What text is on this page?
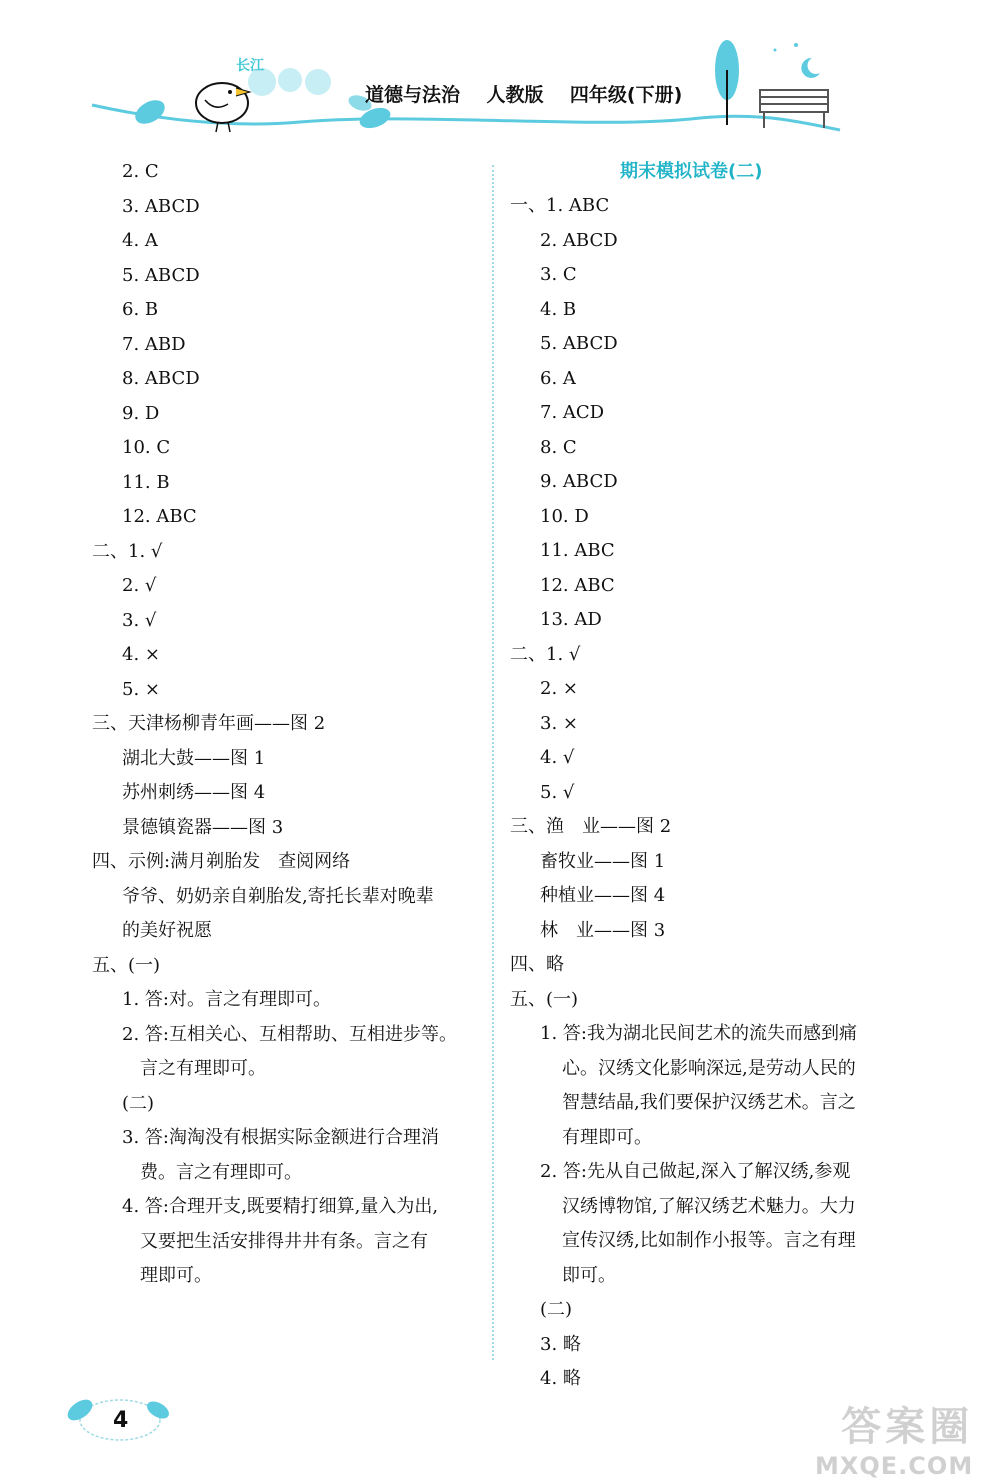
长江
道德与法治    人教版    四年级(下册)
2. C
3. ABCD
4. A
5. ABCD
6. B
7. ABD
8. ABCD
9. D
10. C
11. B
12. ABC
二、1. √
2. √
3. √
4. ×
5. ×
三、天津杨柳青年画——图 2
湖北大鼓——图 1
苏州刺绣——图 4
景德镇瓷器——图 3
四、示例:满月剃胎发　查阅网络
爷爷、奶奶亲自剃胎发,寄托长辈对晚辈
的美好祝愿
五、(一)
1. 答:对。言之有理即可。
2. 答:互相关心、互相帮助、互相进步等。
言之有理即可。
(二)
3. 答:淘淘没有根据实际金额进行合理消
费。言之有理即可。
4. 答:合理开支,既要精打细算,量入为出,
又要把生活安排得井井有条。言之有
理即可。
期末模拟试卷(二)
一、1. ABC
2. ABCD
3. C
4. B
5. ABCD
6. A
7. ACD
8. C
9. ABCD
10. D
11. ABC
12. ABC
13. AD
二、1. √
2. ×
3. ×
4. √
5. √
三、渔　业——图 2
畜牧业——图 1
种植业——图 4
林　业——图 3
四、略
五、(一)
1. 答:我为湖北民间艺术的流失而感到痛
心。汉绣文化影响深远,是劳动人民的
智慧结晶,我们要保护汉绣艺术。言之
有理即可。
2. 答:先从自己做起,深入了解汉绣,参观
汉绣博物馆,了解汉绣艺术魅力。大力
宣传汉绣,比如制作小报等。言之有理
即可。
(二)
3. 略
4. 略
4	答案圈
MXQE.COM
